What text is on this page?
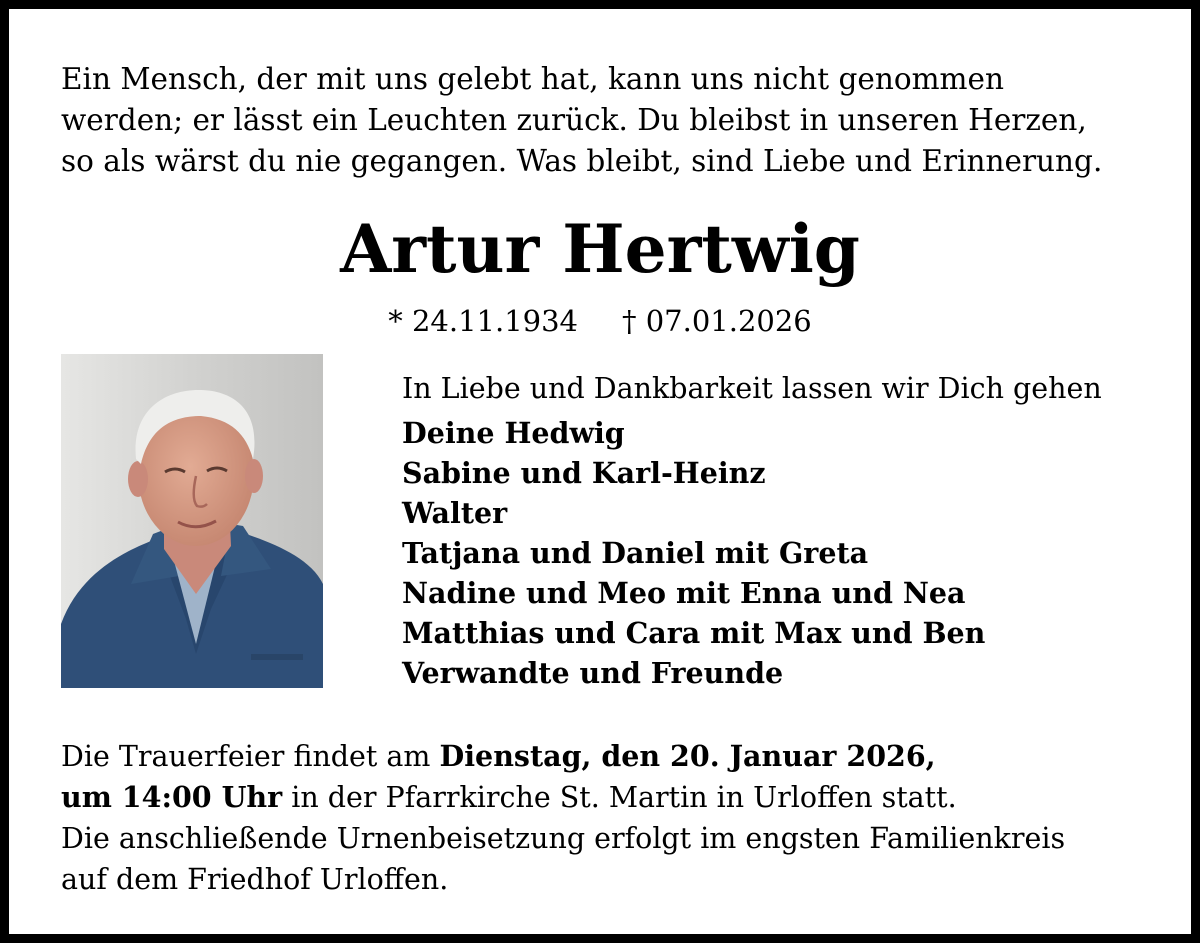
Ein Mensch, der mit uns gelebt hat, kann uns nicht genommen
werden; er lässt ein Leuchten zurück. Du bleibst in unseren Herzen,
so als wärst du nie gegangen. Was bleibt, sind Liebe und Erinnerung.
Artur Hertwig
* 24.11.1934 † 07.01.2026

In Liebe und Dankbarkeit lassen wir Dich gehen

Deine Hedwig
Sabine und Karl-Heinz
Walter
Tatjana und Daniel mit Greta
Nadine und Meo mit Enna und Nea
Matthias und Cara mit Max und Ben
Verwandte und Freunde

Die Trauerfeier findet am Dienstag, den 20. Januar 2026,

um 14:00 Uhr in der Pfarrkirche St. Martin in Urloffen statt.

Die anschließende Urnenbeisetzung erfolgt im engsten Familienkreis

auf dem Friedhof Urloffen.
